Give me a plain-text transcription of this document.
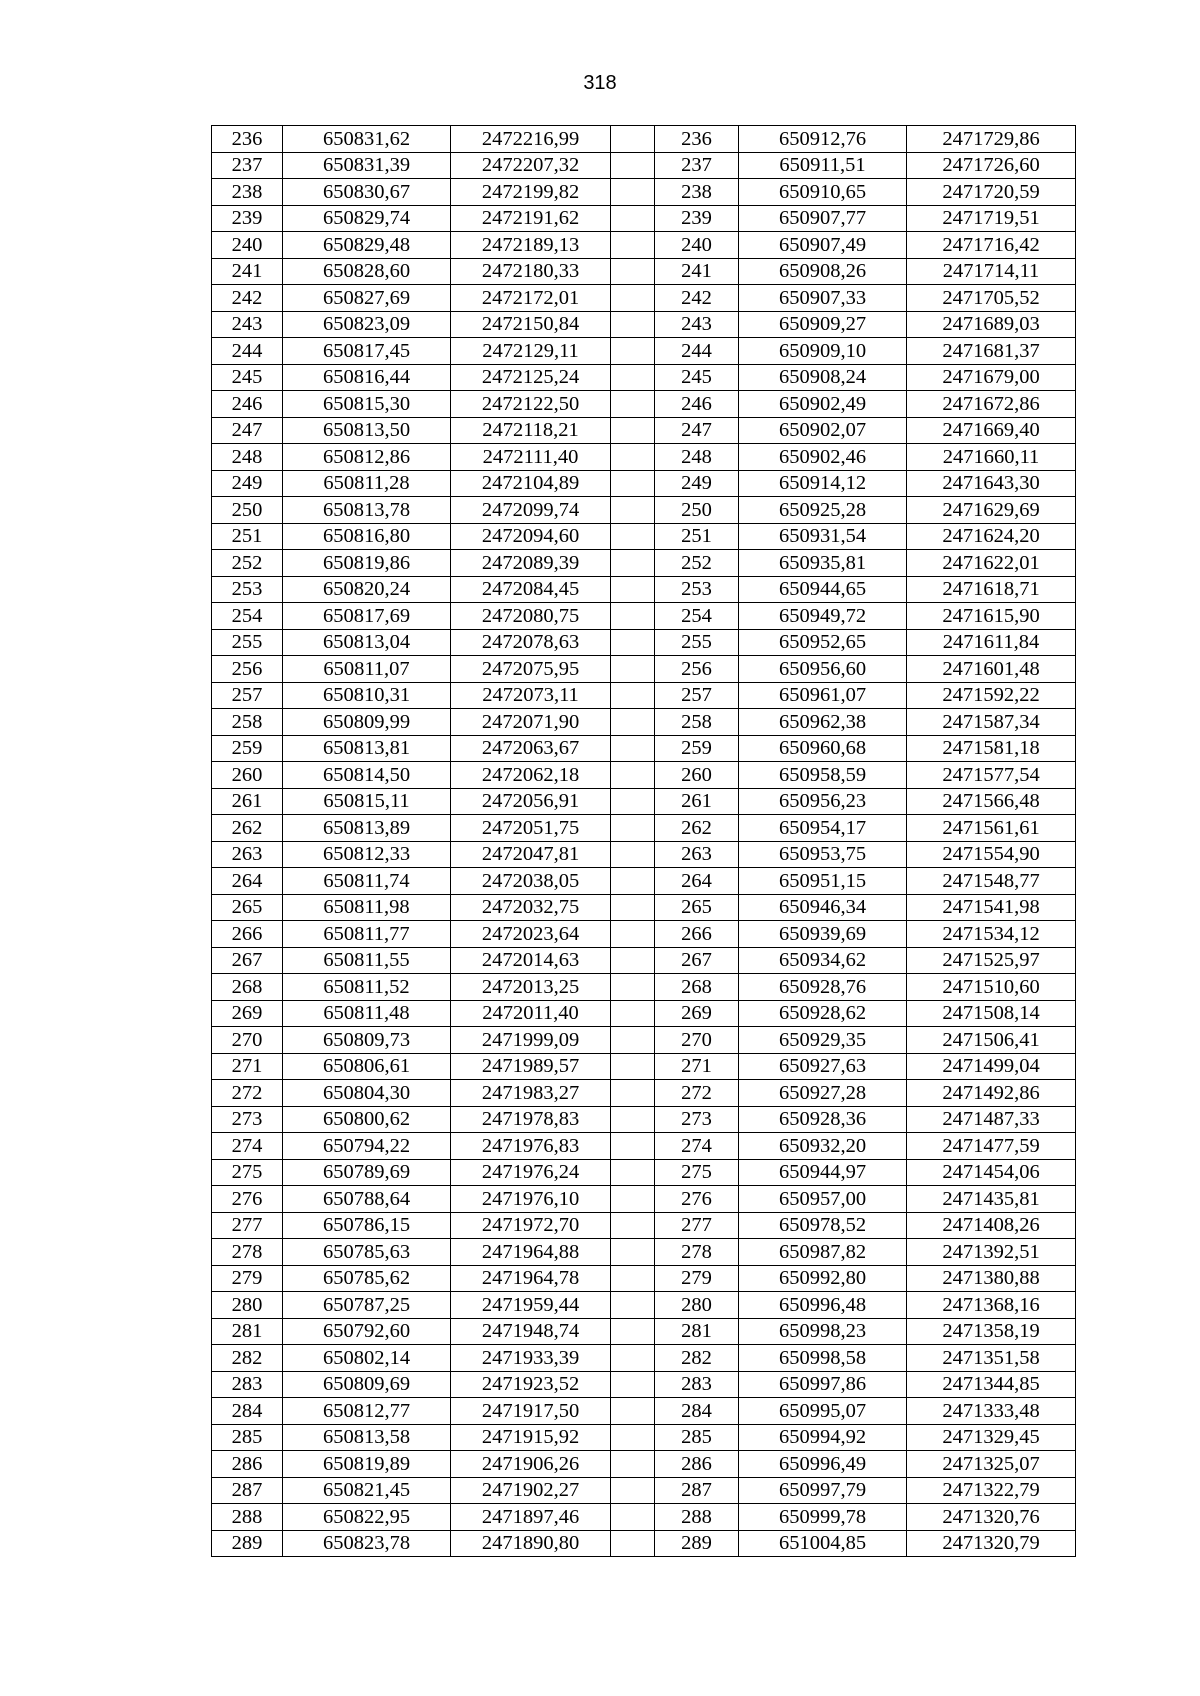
318
236	650831,62	2472216,99		236	650912,76	2471729,86
237	650831,39	2472207,32		237	650911,51	2471726,60
238	650830,67	2472199,82		238	650910,65	2471720,59
239	650829,74	2472191,62		239	650907,77	2471719,51
240	650829,48	2472189,13		240	650907,49	2471716,42
241	650828,60	2472180,33		241	650908,26	2471714,11
242	650827,69	2472172,01		242	650907,33	2471705,52
243	650823,09	2472150,84		243	650909,27	2471689,03
244	650817,45	2472129,11		244	650909,10	2471681,37
245	650816,44	2472125,24		245	650908,24	2471679,00
246	650815,30	2472122,50		246	650902,49	2471672,86
247	650813,50	2472118,21		247	650902,07	2471669,40
248	650812,86	2472111,40		248	650902,46	2471660,11
249	650811,28	2472104,89		249	650914,12	2471643,30
250	650813,78	2472099,74		250	650925,28	2471629,69
251	650816,80	2472094,60		251	650931,54	2471624,20
252	650819,86	2472089,39		252	650935,81	2471622,01
253	650820,24	2472084,45		253	650944,65	2471618,71
254	650817,69	2472080,75		254	650949,72	2471615,90
255	650813,04	2472078,63		255	650952,65	2471611,84
256	650811,07	2472075,95		256	650956,60	2471601,48
257	650810,31	2472073,11		257	650961,07	2471592,22
258	650809,99	2472071,90		258	650962,38	2471587,34
259	650813,81	2472063,67		259	650960,68	2471581,18
260	650814,50	2472062,18		260	650958,59	2471577,54
261	650815,11	2472056,91		261	650956,23	2471566,48
262	650813,89	2472051,75		262	650954,17	2471561,61
263	650812,33	2472047,81		263	650953,75	2471554,90
264	650811,74	2472038,05		264	650951,15	2471548,77
265	650811,98	2472032,75		265	650946,34	2471541,98
266	650811,77	2472023,64		266	650939,69	2471534,12
267	650811,55	2472014,63		267	650934,62	2471525,97
268	650811,52	2472013,25		268	650928,76	2471510,60
269	650811,48	2472011,40		269	650928,62	2471508,14
270	650809,73	2471999,09		270	650929,35	2471506,41
271	650806,61	2471989,57		271	650927,63	2471499,04
272	650804,30	2471983,27		272	650927,28	2471492,86
273	650800,62	2471978,83		273	650928,36	2471487,33
274	650794,22	2471976,83		274	650932,20	2471477,59
275	650789,69	2471976,24		275	650944,97	2471454,06
276	650788,64	2471976,10		276	650957,00	2471435,81
277	650786,15	2471972,70		277	650978,52	2471408,26
278	650785,63	2471964,88		278	650987,82	2471392,51
279	650785,62	2471964,78		279	650992,80	2471380,88
280	650787,25	2471959,44		280	650996,48	2471368,16
281	650792,60	2471948,74		281	650998,23	2471358,19
282	650802,14	2471933,39		282	650998,58	2471351,58
283	650809,69	2471923,52		283	650997,86	2471344,85
284	650812,77	2471917,50		284	650995,07	2471333,48
285	650813,58	2471915,92		285	650994,92	2471329,45
286	650819,89	2471906,26		286	650996,49	2471325,07
287	650821,45	2471902,27		287	650997,79	2471322,79
288	650822,95	2471897,46		288	650999,78	2471320,76
289	650823,78	2471890,80		289	651004,85	2471320,79
